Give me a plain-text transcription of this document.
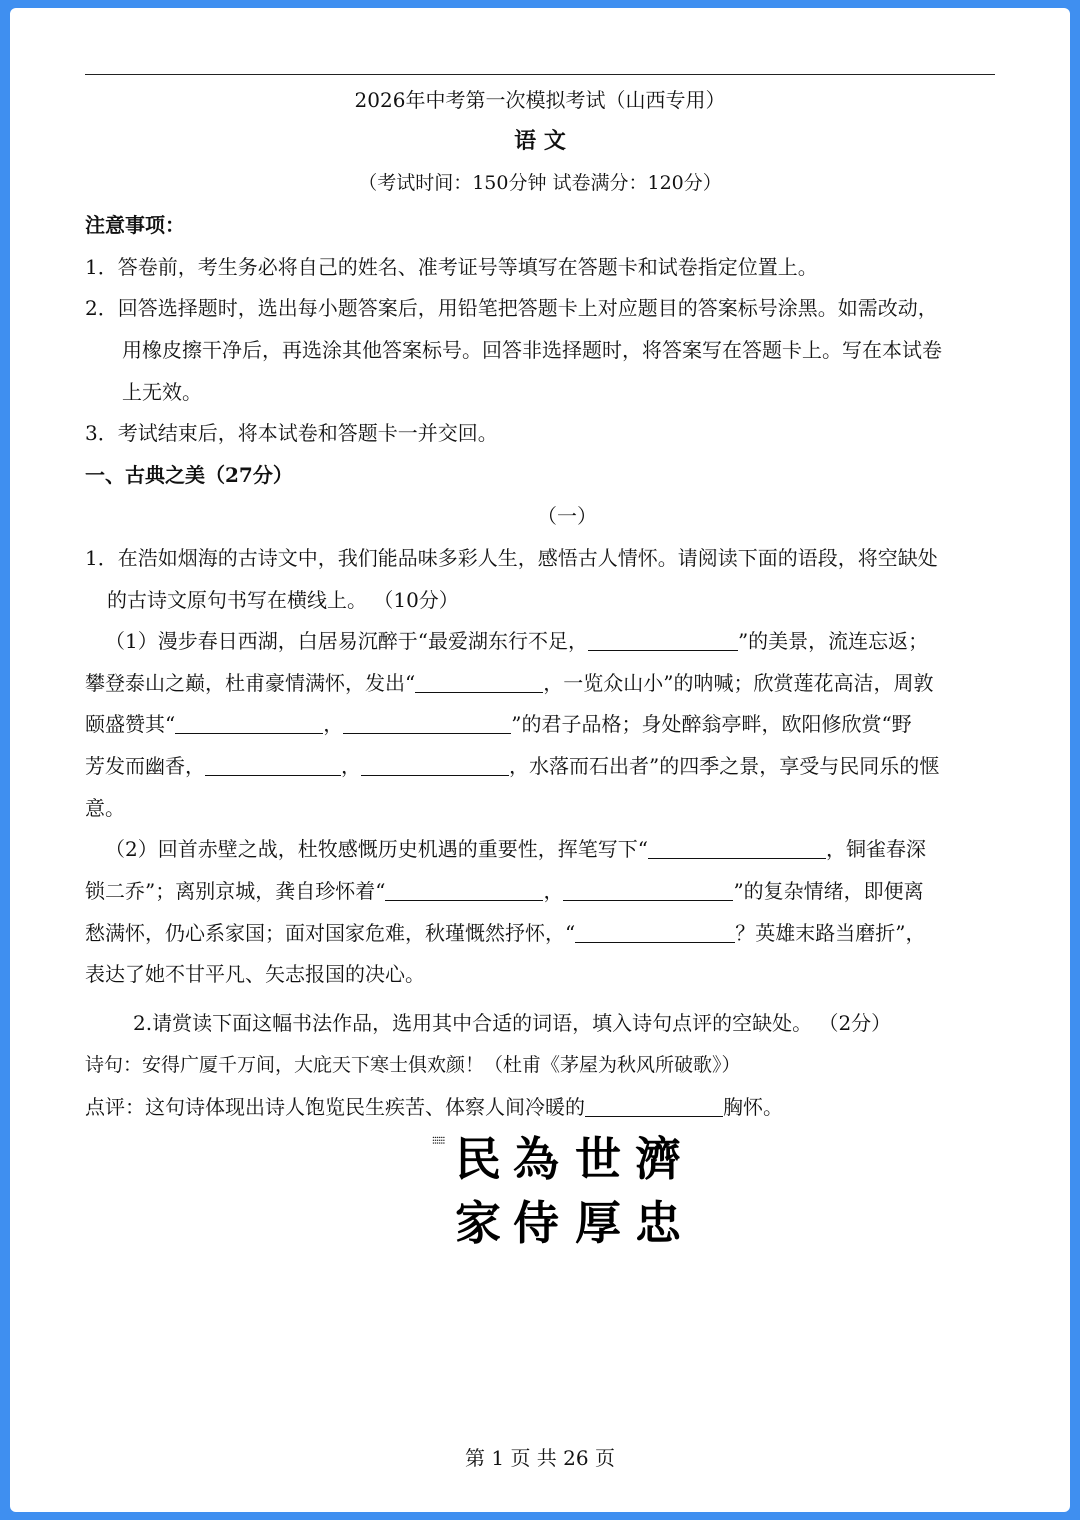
2026年中考第一次模拟考试（山西专用）
语 文
（考试时间：150分钟 试卷满分：120分）
注意事项：
1．答卷前，考生务必将自己的姓名、准考证号等填写在答题卡和试卷指定位置上。
2．回答选择题时，选出每小题答案后，用铅笔把答题卡上对应题目的答案标号涂黑。如需改动，
用橡皮擦干净后，再选涂其他答案标号。回答非选择题时，将答案写在答题卡上。写在本试卷
上无效。
3．考试结束后，将本试卷和答题卡一并交回。
一、古典之美（27分）
（一）
1．在浩如烟海的古诗文中，我们能品味多彩人生，感悟古人情怀。请阅读下面的语段，将空缺处
的古诗文原句书写在横线上。 （10分）
（1）漫步春日西湖，白居易沉醉于“最爱湖东行不足，	”的美景，流连忘返；
攀登泰山之巅，杜甫豪情满怀，发出“	，一览众山小”的呐喊；欣赏莲花高洁，周敦
颐盛赞其“	，	”的君子品格；身处醉翁亭畔，欧阳修欣赏“野
芳发而幽香，	，	，水落而石出者”的四季之景，享受与民同乐的惬
意。
（2）回首赤壁之战，杜牧感慨历史机遇的重要性，挥笔写下“	，铜雀春深
锁二乔”；离别京城，龚自珍怀着“	，	”的复杂情绪，即便离
愁满怀，仍心系家国；面对国家危难，秋瑾慨然抒怀，“	？英雄末路当磨折”，
表达了她不甘平凡、矢志报国的决心。
2.请赏读下面这幅书法作品，选用其中合适的词语，填入诗句点评的空缺处。 （2分）
诗句：安得广厦千万间，大庇天下寒士俱欢颜！（杜甫《茅屋为秋风所破歌》）
点评：这句诗体现出诗人饱览民生疾苦、体察人间冷暖的	胸怀。
⸽⸽⸽ 民 為 世 濟
家 侍 厚 忠
第 1 页 共 26 页
